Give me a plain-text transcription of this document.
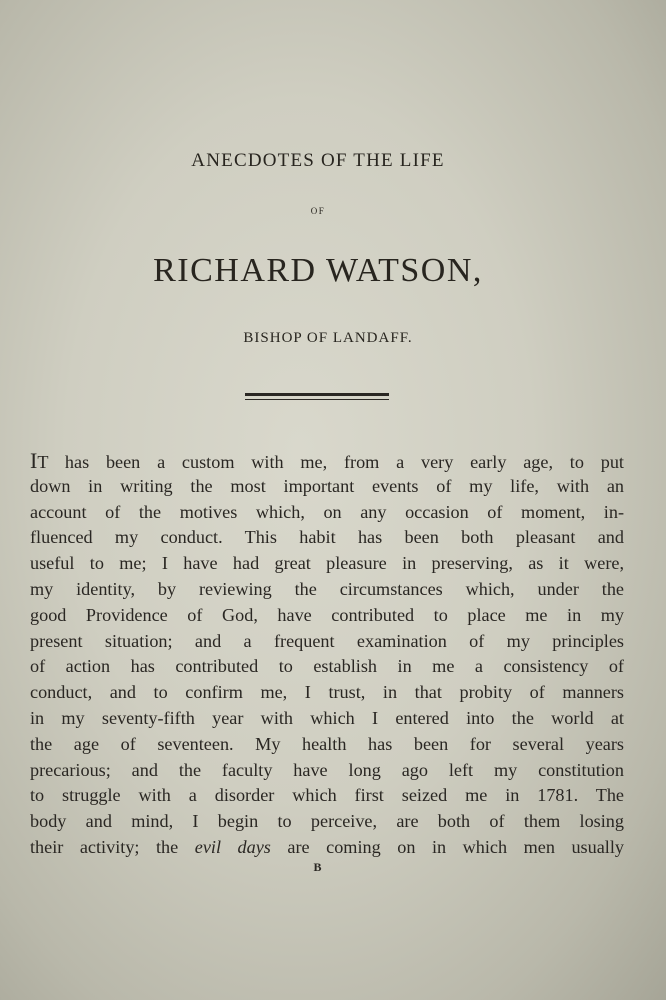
ANECDOTES OF THE LIFE
OF
RICHARD WATSON,
BISHOP OF LANDAFF.
IT has been a custom with me, from a very early age, to put
down in writing the most important events of my life, with an
account of the motives which, on any occasion of moment, in-
fluenced my conduct. This habit has been both pleasant and
useful to me; I have had great pleasure in preserving, as it were,
my identity, by reviewing the circumstances which, under the
good Providence of God, have contributed to place me in my
present situation; and a frequent examination of my principles
of action has contributed to establish in me a consistency of
conduct, and to confirm me, I trust, in that probity of manners
in my seventy-fifth year with which I entered into the world at
the age of seventeen. My health has been for several years
precarious; and the faculty have long ago left my constitution
to struggle with a disorder which first seized me in 1781. The
body and mind, I begin to perceive, are both of them losing
their activity; the evil days are coming on in which men usually
B
